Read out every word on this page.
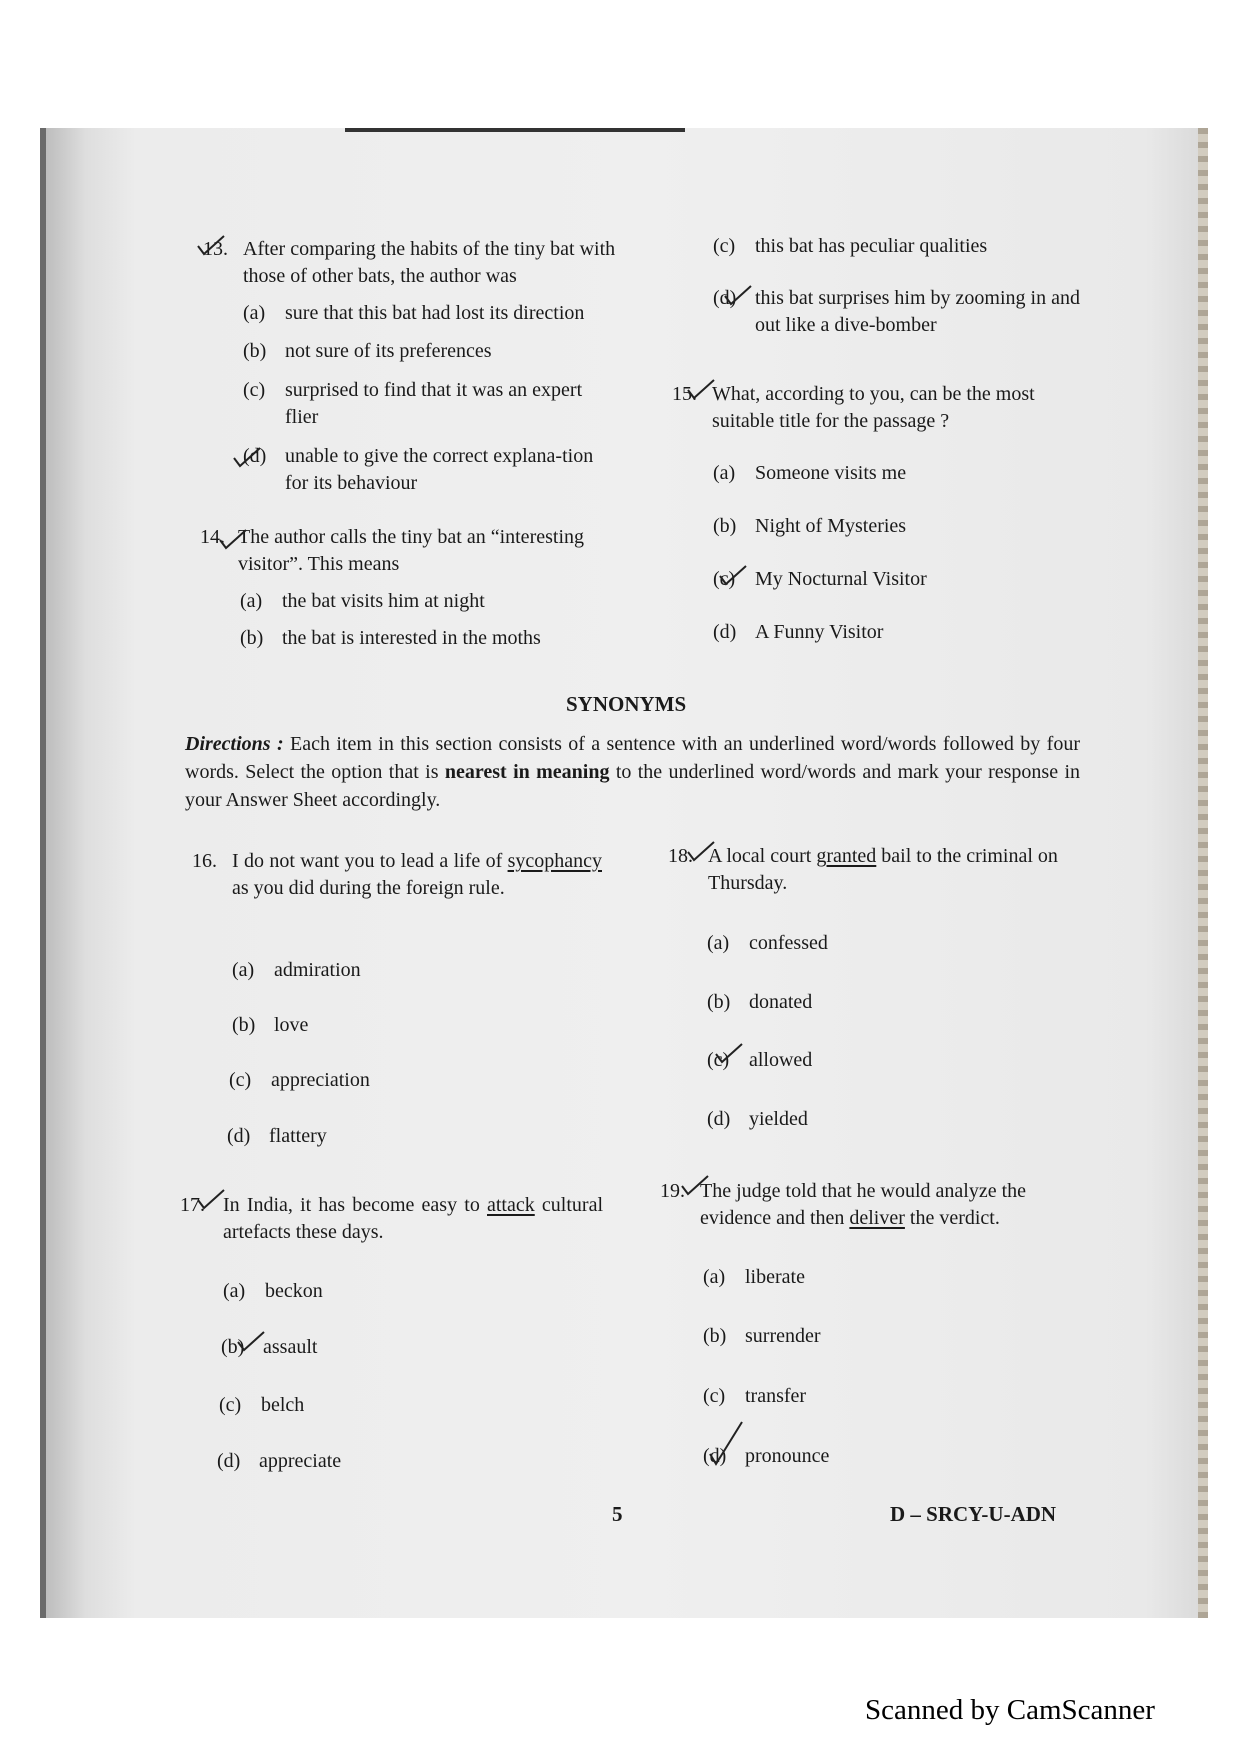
13. After comparing the habits of the tiny bat with those of other bats, the author was
(a) sure that this bat had lost its direction
(b) not sure of its preferences
(c) surprised to find that it was an expert flier
(d) unable to give the correct explana-tion for its behaviour
14. The author calls the tiny bat an “interesting visitor”. This means
(a) the bat visits him at night
(b) the bat is interested in the moths
(c) this bat has peculiar qualities
(d) this bat surprises him by zooming in and out like a dive-bomber
15. What, according to you, can be the most suitable title for the passage ?
(a) Someone visits me
(b) Night of Mysteries
(c) My Nocturnal Visitor
(d) A Funny Visitor
SYNONYMS
Directions : Each item in this section consists of a sentence with an underlined word/words followed by four words. Select the option that is nearest in meaning to the underlined word/words and mark your response in your Answer Sheet accordingly.
16. I do not want you to lead a life of sycophancy as you did during the foreign rule.
(a) admiration
(b) love
(c) appreciation
(d) flattery
17. In India, it has become easy to attack cultural artefacts these days.
(a) beckon
(b) assault
(c) belch
(d) appreciate
18. A local court granted bail to the criminal on Thursday.
(a) confessed
(b) donated
(c) allowed
(d) yielded
19. The judge told that he would analyze the evidence and then deliver the verdict.
(a) liberate
(b) surrender
(c) transfer
(d) pronounce
5	D – SRCY-U-ADN
Scanned by CamScanner
